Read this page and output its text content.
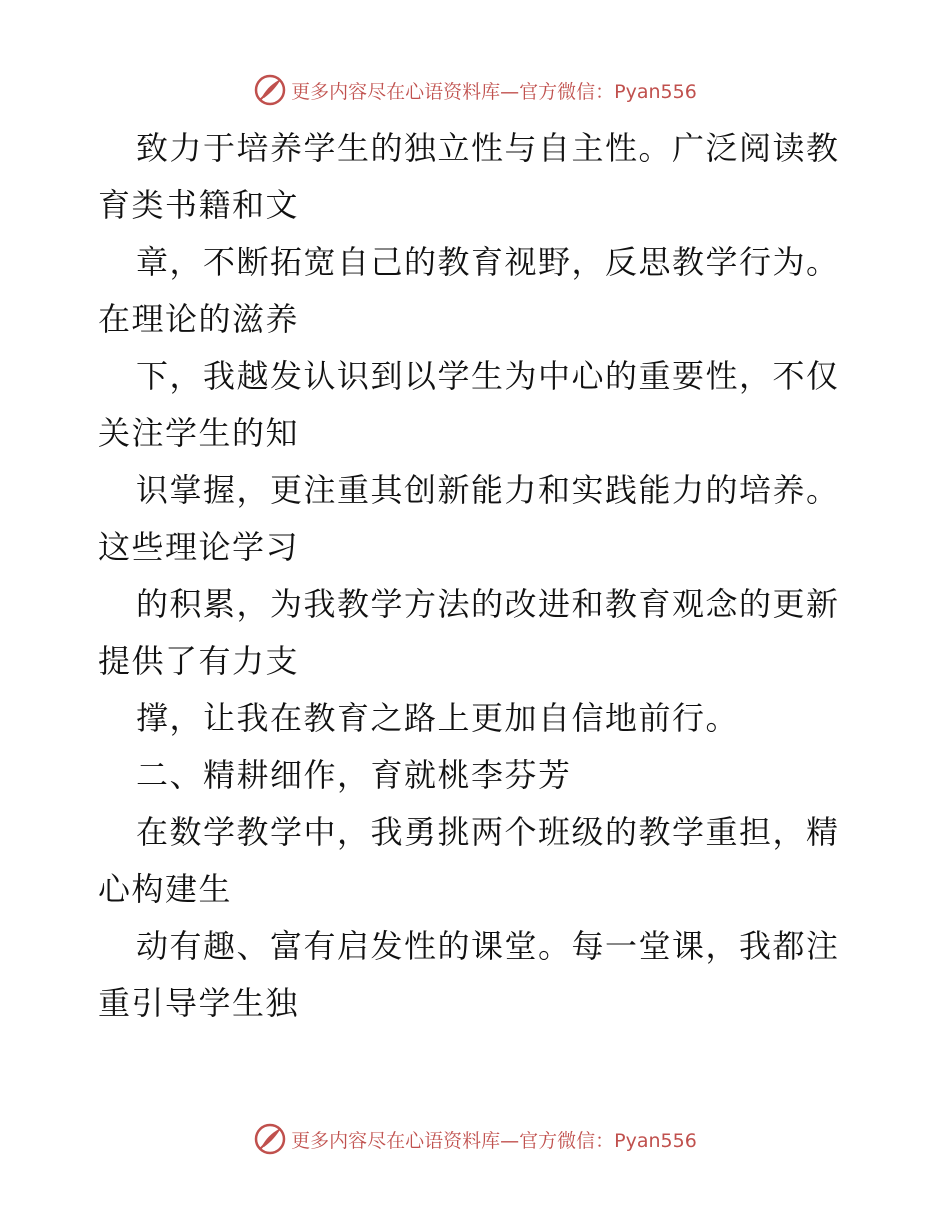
更多内容尽在心语资料库—官方微信：Pyan556
致力于培养学生的独立性与自主性。广泛阅读教
育类书籍和文
章，不断拓宽自己的教育视野，反思教学行为。
在理论的滋养
下，我越发认识到以学生为中心的重要性，不仅
关注学生的知
识掌握，更注重其创新能力和实践能力的培养。
这些理论学习
的积累，为我教学方法的改进和教育观念的更新
提供了有力支
撑，让我在教育之路上更加自信地前行。
二、精耕细作，育就桃李芬芳
在数学教学中，我勇挑两个班级的教学重担，精
心构建生
动有趣、富有启发性的课堂。每一堂课，我都注
重引导学生独
更多内容尽在心语资料库—官方微信：Pyan556
